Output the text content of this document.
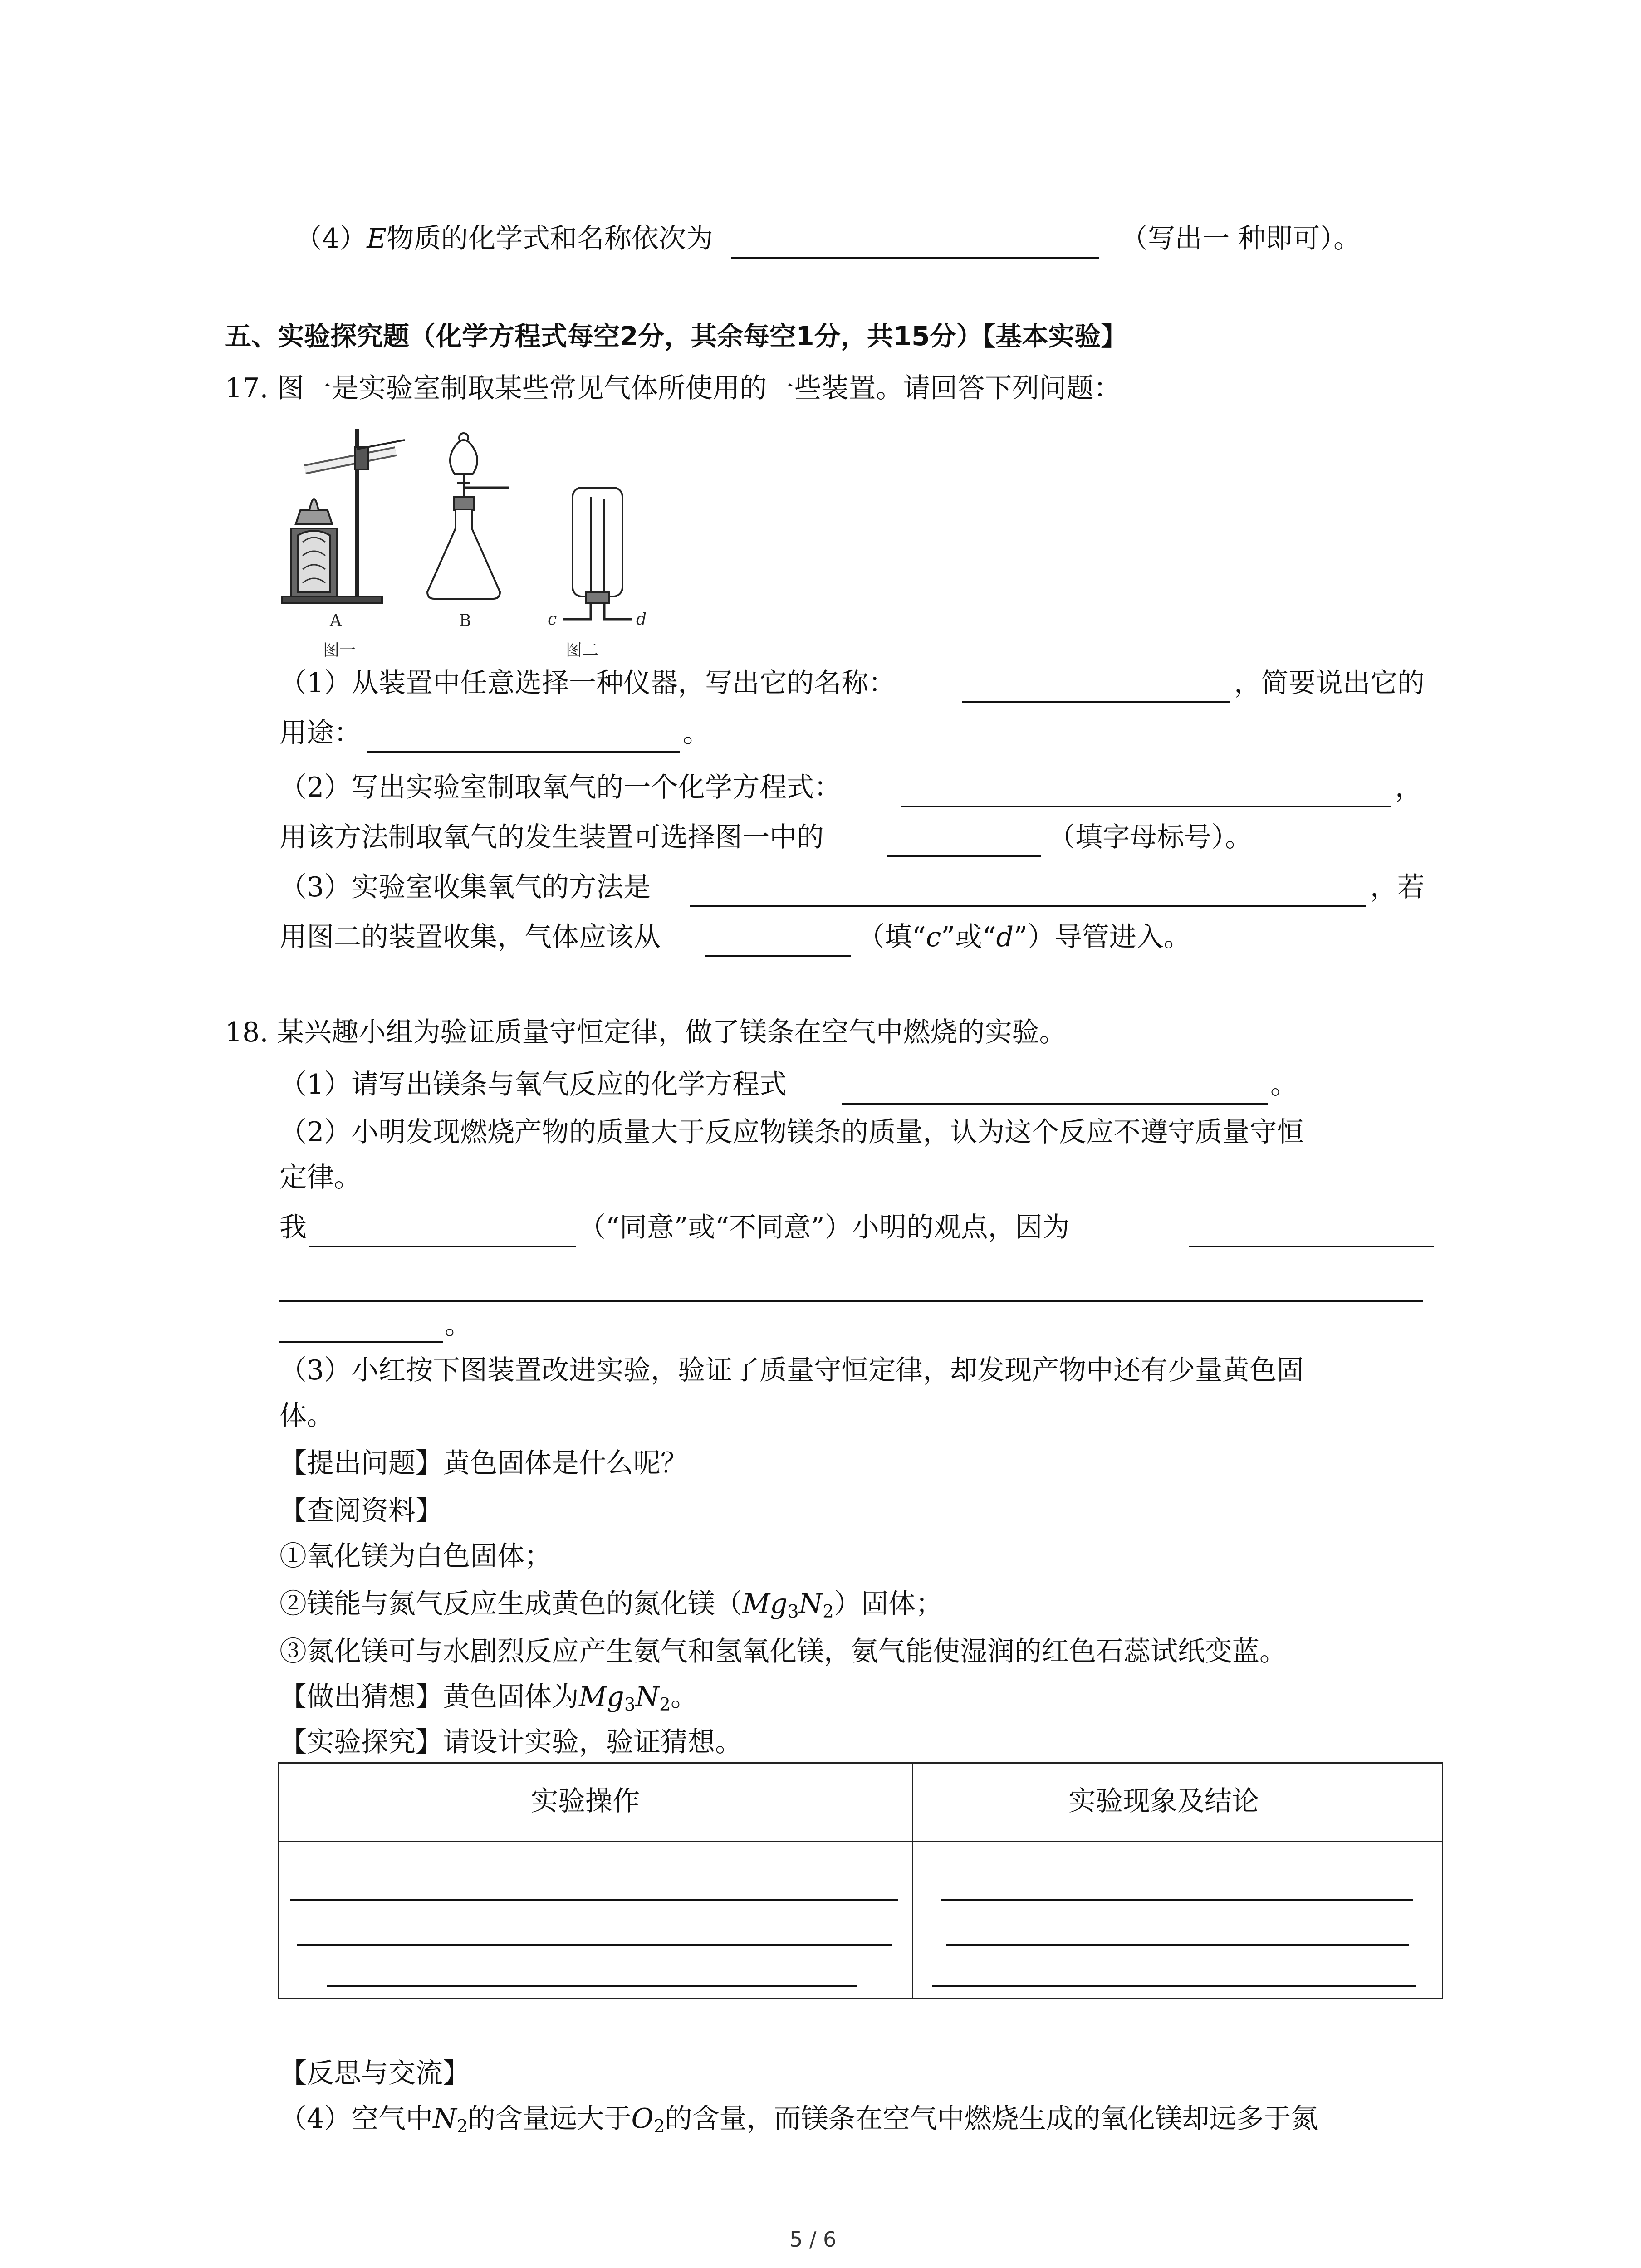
（4）E物质的化学式和名称依次为	（写出一 种即可）。
五、实验探究题（化学方程式每空2分，其余每空1分，共15分）【基本实验】
17. 图一是实验室制取某些常见气体所使用的一些装置。请回答下列问题：
A	B	c	d
图一	图二
（1）从装置中任意选择一种仪器，写出它的名称：	，简要说出它的
用途：	。
（2）写出实验室制取氧气的一个化学方程式：	，
用该方法制取氧气的发生装置可选择图一中的	（填字母标号）。
（3）实验室收集氧气的方法是	，若
用图二的装置收集，气体应该从	（填“c”或“d”）导管进入。
18. 某兴趣小组为验证质量守恒定律，做了镁条在空气中燃烧的实验。
（1）请写出镁条与氧气反应的化学方程式	。
（2）小明发现燃烧产物的质量大于反应物镁条的质量，认为这个反应不遵守质量守恒
定律。
我	（“同意”或“不同意”）小明的观点，因为
。
（3）小红按下图装置改进实验，验证了质量守恒定律，却发现产物中还有少量黄色固
体。
【提出问题】黄色固体是什么呢？
【查阅资料】
①氧化镁为白色固体；
②镁能与氮气反应生成黄色的氮化镁$(Mg_3N_2)$固体；
③氮化镁可与水剧烈反应产生氨气和氢氧化镁，氨气能使湿润的红色石蕊试纸变蓝。
【做出猜想】黄色固体为$Mg_3N_2$。
【实验探究】请设计实验，验证猜想。
实验操作	实验现象及结论
【反思与交流】
（4）空气中$N_2$的含量远大于$O_2$的含量，而镁条在空气中燃烧生成的氧化镁却远多于氮
5 / 6
